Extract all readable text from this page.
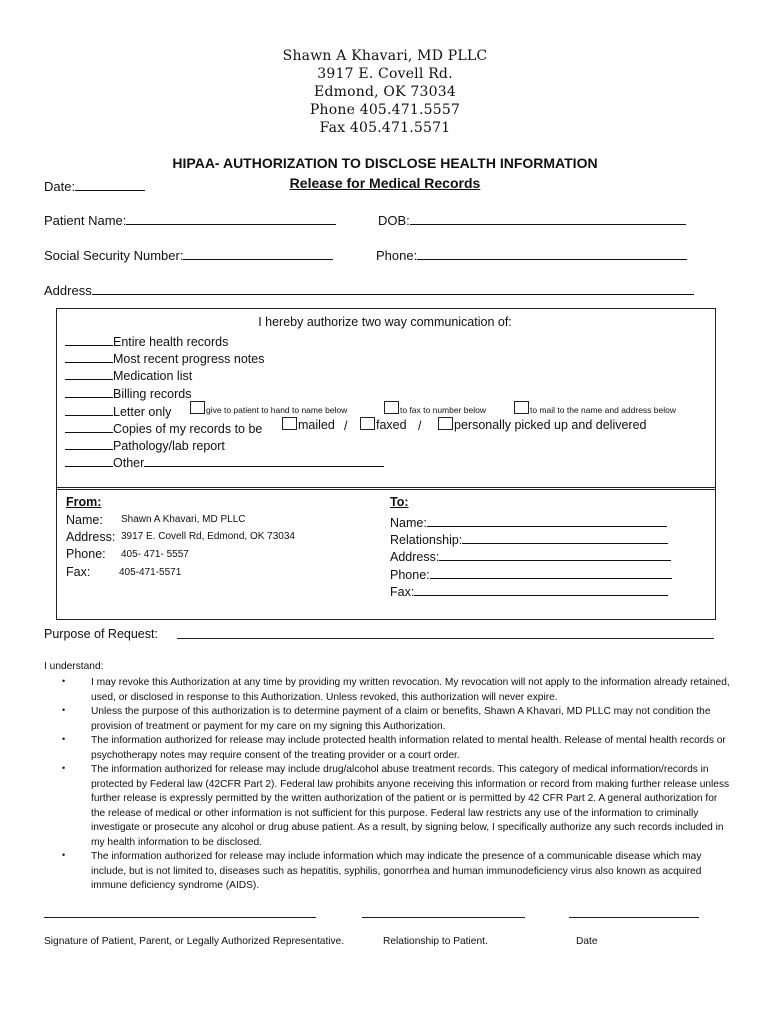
Shawn A Khavari, MD PLLC
3917 E. Covell Rd.
Edmond, OK 73034
Phone 405.471.5557
Fax 405.471.5571
HIPAA- AUTHORIZATION TO DISCLOSE HEALTH INFORMATION
Release for Medical Records
Date:
Patient Name:	DOB:
Social Security Number:	Phone:
Address
I hereby authorize two way communication of:
Entire health records
Most recent progress notes
Medication list
Billing records
Letter only	give to patient to hand to name below	to fax to number below	to mail to the name and address below
Copies of my records to be	mailed /	faxed /	personally picked up and delivered
Pathology/lab report
Other
From:
Name: Shawn A Khavari, MD PLLC
Address: 3917 E. Covell Rd, Edmond, OK 73034
Phone: 405- 471- 5557
Fax:	405-471-5571
To:
Name:
Relationship:
Address:
Phone:
Fax:
Purpose of Request:
I understand:
•	I may revoke this Authorization at any time by providing my written revocation. My revocation will not apply to the information already retained, used, or disclosed in response to this Authorization. Unless revoked, this authorization will never expire.
•	Unless the purpose of this authorization is to determine payment of a claim or benefits, Shawn A Khavari, MD PLLC may not condition the provision of treatment or payment for my care on my signing this Authorization.
•	The information authorized for release may include protected health information related to mental health. Release of mental health records or psychotherapy notes may require consent of the treating provider or a court order.
•	The information authorized for release may include drug/alcohol abuse treatment records. This category of medical information/records in protected by Federal law (42CFR Part 2). Federal law prohibits anyone receiving this information or record from making further release unless further release is expressly permitted by the written authorization of the patient or is permitted by 42 CFR Part 2. A general authorization for the release of medical or other information is not sufficient for this purpose. Federal law restricts any use of the information to criminally investigate or prosecute any alcohol or drug abuse patient. As a result, by signing below, I specifically authorize any such records included in my health information to be disclosed.
•	The information authorized for release may include information which may indicate the presence of a communicable disease which may include, but is not limited to, diseases such as hepatitis, syphilis, gonorrhea and human immunodeficiency virus also known as acquired immune deficiency syndrome (AIDS).
Signature of Patient, Parent, or Legally Authorized Representative.	Relationship to Patient.	Date
